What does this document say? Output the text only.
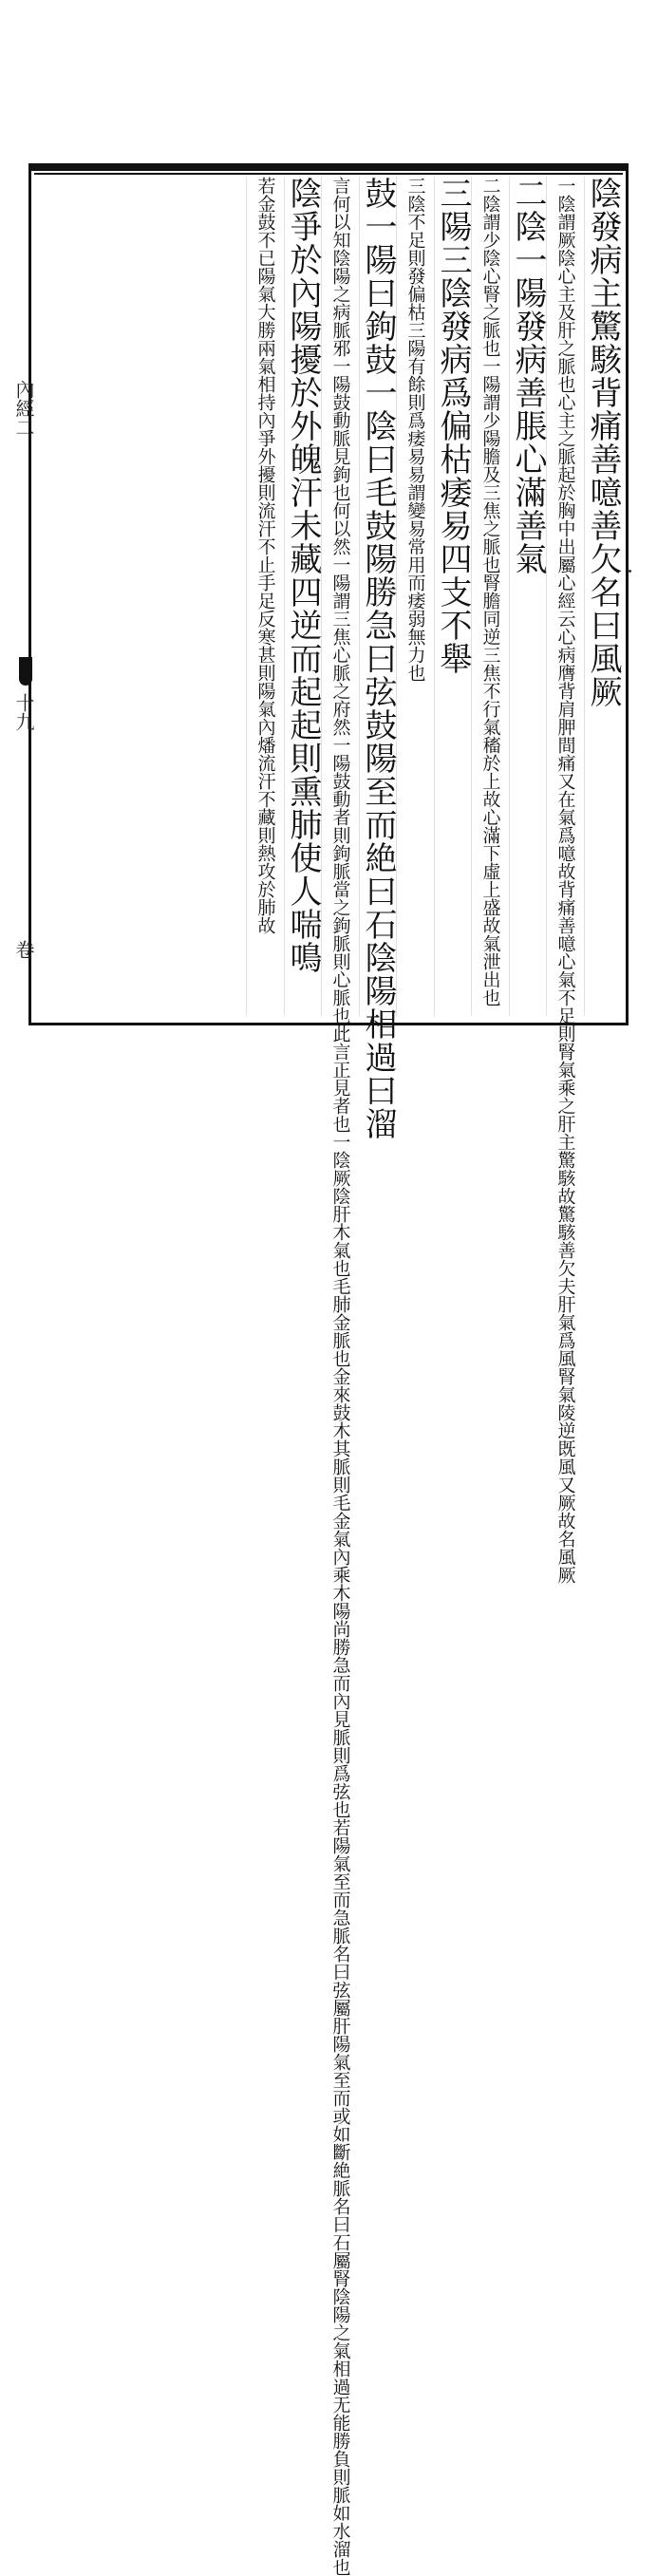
陰發病主驚駭背痛善噫善欠名曰風厥
一陰謂厥陰心主及肝之脈也心主之脈起於胸中出屬心經云心病膺背肩胛間痛又在氣爲噫故背痛善噫心氣不足則腎氣乘之肝主驚駭故驚駭善欠夫肝氣爲風腎氣陵逆既風又厥故名風厥
二陰一陽發病善脹心滿善氣
二陰謂少陰心腎之脈也一陽謂少陽膽及三焦之脈也腎膽同逆三焦不行氣稸於上故心滿下虛上盛故氣泄出也
三陽三陰發病爲偏枯痿易四支不舉
三陰不足則發偏枯三陽有餘則爲痿易易謂變易常用而痿弱無力也
鼓一陽曰鉤鼓一陰曰毛鼓陽勝急曰弦鼓陽至而絶曰石陰陽相過曰溜
言何以知陰陽之病脈邪一陽鼓動脈見鉤也何以然一陽謂三焦心脈之府然一陽鼓動者則鉤脈當之鉤脈則心脈也此言正見者也一陰厥陰肝木氣也毛肺金脈也金來鼓木其脈則毛金氣內乘木陽尚勝急而內見脈則爲弦也若陽氣至而急脈名曰弦屬肝陽氣至而或如斷絶脈名曰石屬腎陰陽之氣相過无能勝負則脈如水溜也
陰爭於內陽擾於外魄汗未藏四逆而起起則熏肺使人喘鳴
若金鼓不已陽氣大勝兩氣相持內爭外擾則流汗不止手足反寒甚則陽氣內燔流汗不藏則熱攻於肺故
內經二
十九
卷
